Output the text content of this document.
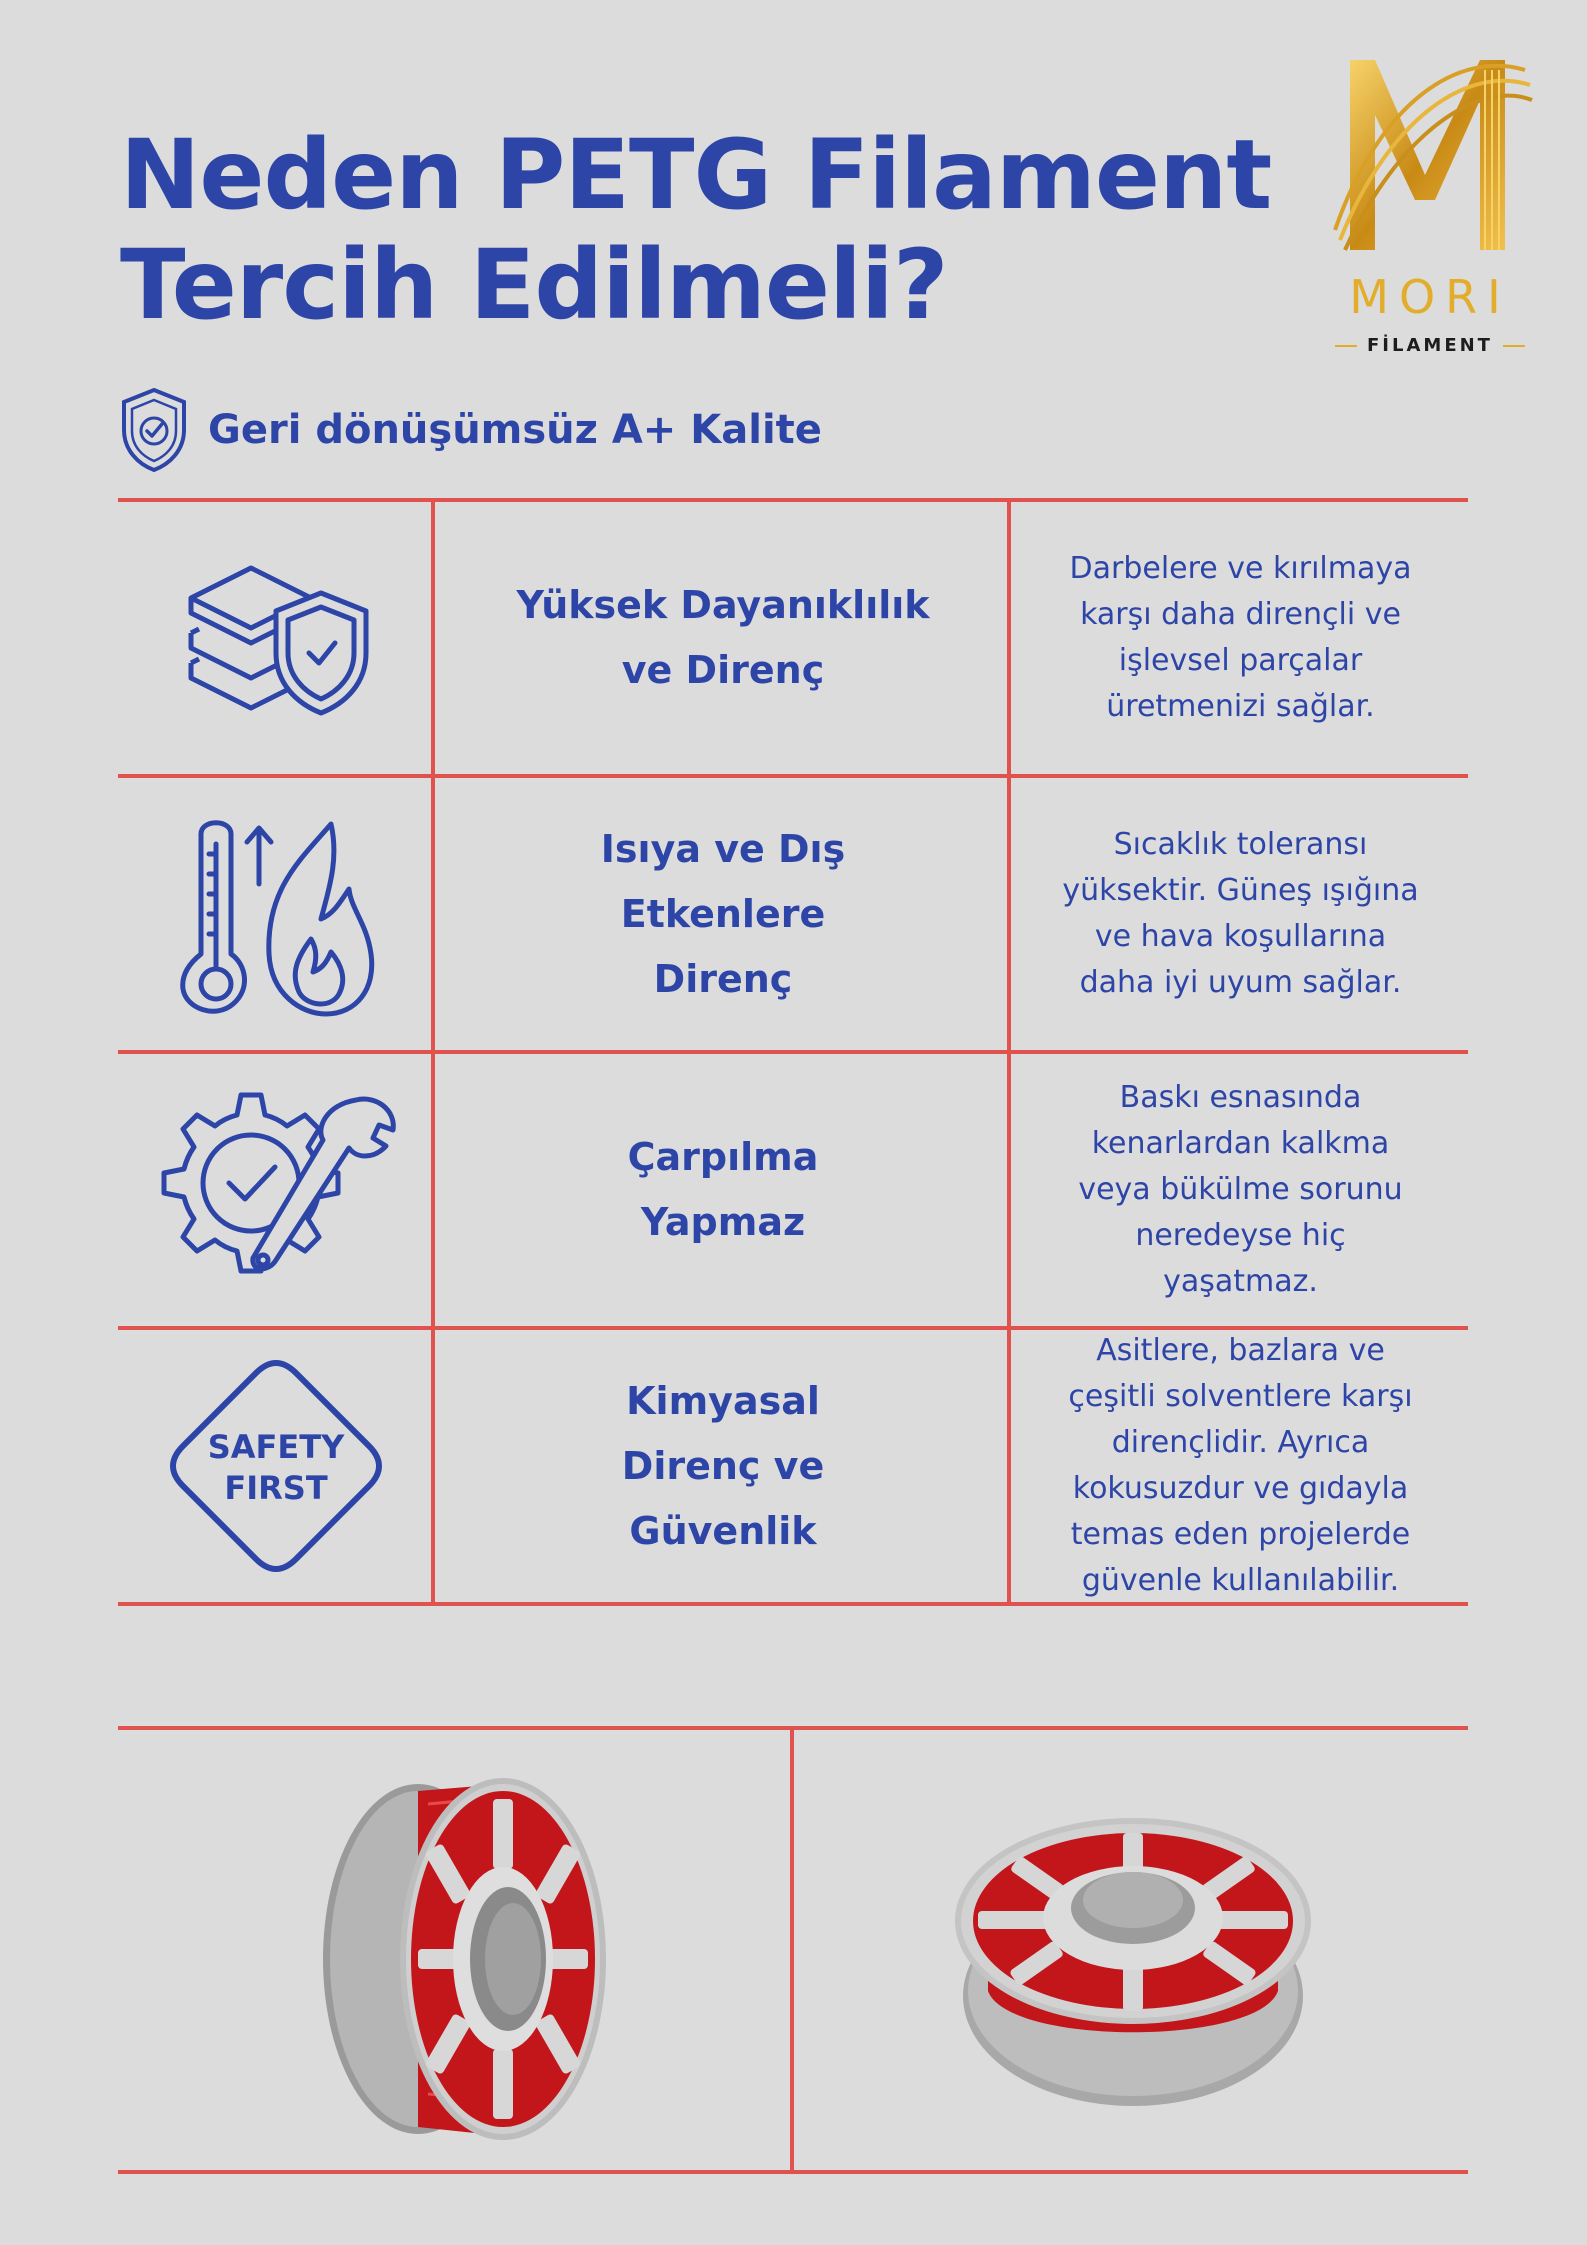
Neden PETG Filament
Tercih Edilmeli?	MORI
FİLAMENT
Geri dönüşümsüz A+ Kalite
Yüksek Dayanıklılık ve Direnç
Darbelere ve kırılmaya karşı daha dirençli ve işlevsel parçalar üretmenizi sağlar.
Isıya ve Dış Etkenlere Direnç
Sıcaklık toleransı yüksektir. Güneş ışığına ve hava koşullarına daha iyi uyum sağlar.
Çarpılma Yapmaz
Baskı esnasında kenarlardan kalkma veya bükülme sorunu neredeyse hiç yaşatmaz.
SAFETY
FIRST
Kimyasal Direnç ve Güvenlik
Asitlere, bazlara ve çeşitli solventlere karşı dirençlidir. Ayrıca kokusuzdur ve gıdayla temas eden projelerde güvenle kullanılabilir.
